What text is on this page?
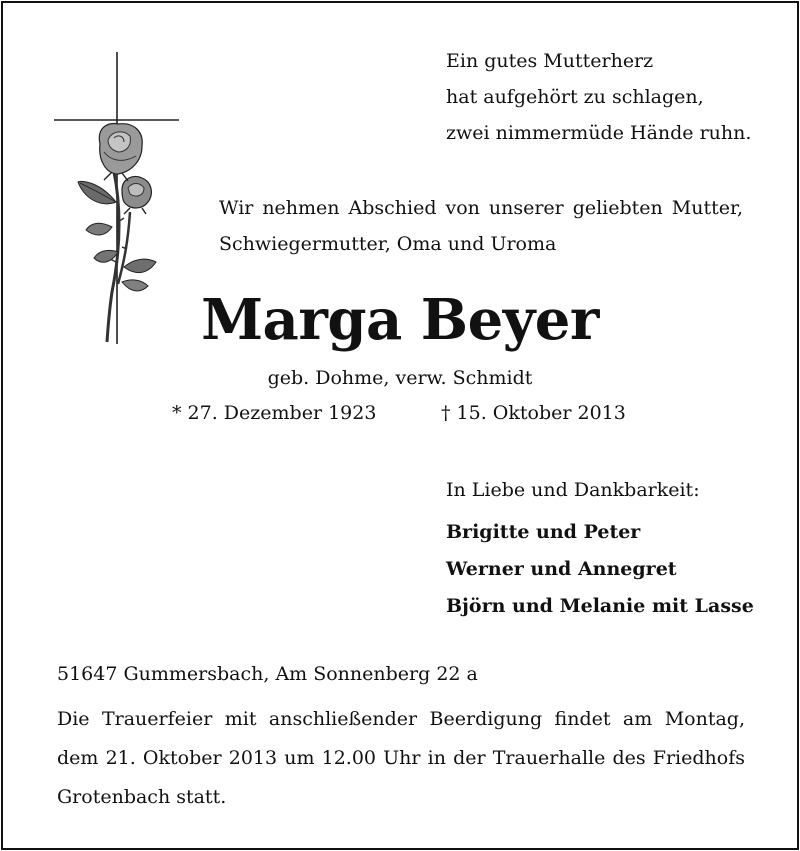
Ein gutes Mutterherz
hat aufgehört zu schlagen,
zwei nimmermüde Hände ruhn.
Wir nehmen Abschied von unserer geliebten Mutter, Schwiegermutter, Oma und Uroma
Marga Beyer
geb. Dohme, verw. Schmidt
* 27. Dezember 1923	† 15. Oktober 2013
In Liebe und Dankbarkeit:
Brigitte und Peter
Werner und Annegret
Björn und Melanie mit Lasse
51647 Gummersbach, Am Sonnenberg 22 a
Die Trauerfeier mit anschließender Beerdigung findet am Montag, dem 21. Oktober 2013 um 12.00 Uhr in der Trauerhalle des Friedhofs Grotenbach statt.
